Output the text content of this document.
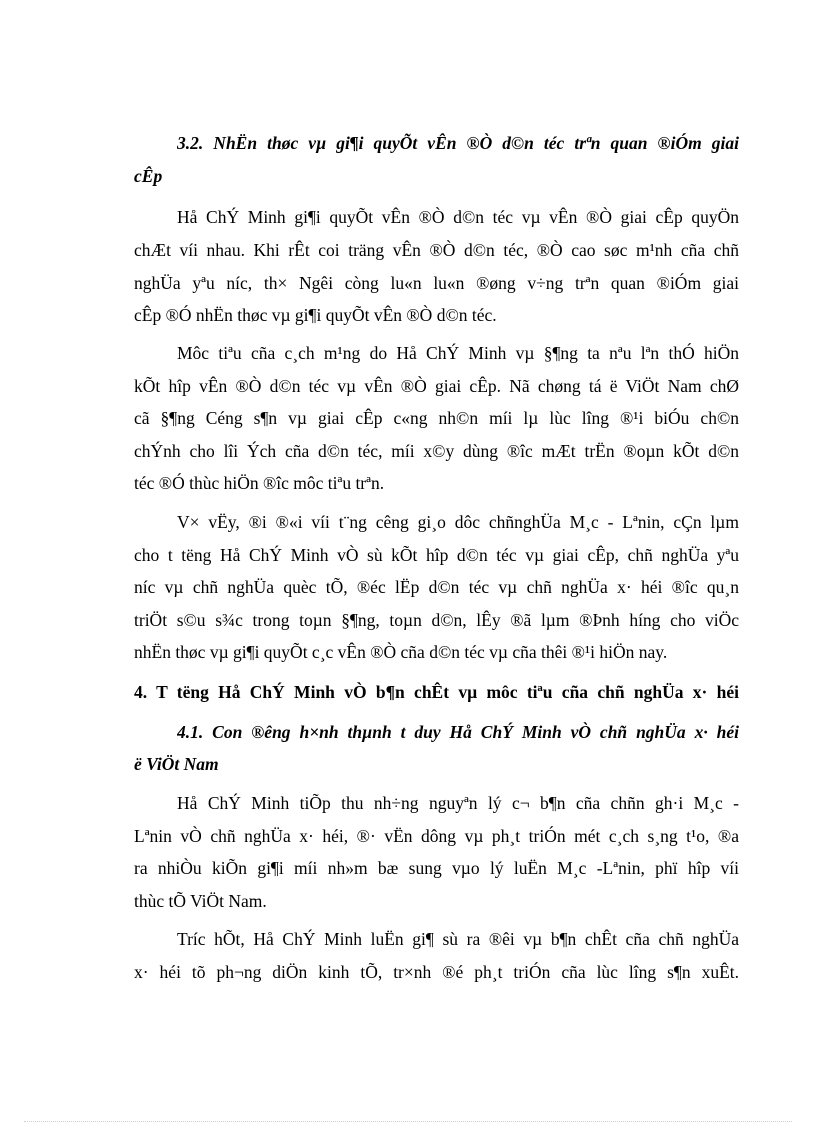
3.2. NhËn thøc vµ gi¶i quyÕt vÊn ®Ò d©n téc trªn quan ®iÓm giai
cÊp
Hå ChÝ Minh gi¶i quyÕt vÊn ®Ò d©n téc vµ vÊn ®Ò giai cÊp quyÖn
chÆt víi nhau. Khi rÊt coi träng vÊn ®Ò d©n téc, ®Ò cao søc m¹nh cña chñ
nghÜa yªu níc, th× Ngêi còng lu«n lu«n ®øng v÷ng trªn quan ®iÓm giai
cÊp ®Ó nhËn thøc vµ gi¶i quyÕt vÊn ®Ò d©n téc.
Môc tiªu cña c¸ch m¹ng do Hå ChÝ Minh vµ §¶ng ta nªu lªn thÓ hiÖn
kÕt hîp vÊn ®Ò d©n téc vµ vÊn ®Ò giai cÊp. Nã chøng tá ë ViÖt Nam chØ
cã §¶ng Céng s¶n vµ giai cÊp c«ng nh©n míi lµ lùc lîng ®¹i biÓu ch©n
chÝnh cho lîi Ých cña d©n téc, míi x©y dùng ®îc mÆt trËn ®oµn kÕt d©n
téc ®Ó thùc hiÖn ®îc môc tiªu trªn.
V× vËy, ®i ®«i víi t¨ng cêng gi¸o dôc chñnghÜa M¸c - Lªnin, cÇn lµm
cho t tëng Hå ChÝ Minh vÒ sù kÕt hîp d©n téc vµ giai cÊp, chñ nghÜa yªu
níc vµ chñ nghÜa quèc tÕ, ®éc lËp d©n téc vµ chñ nghÜa x· héi ®îc qu¸n
triÖt s©u s¾c trong toµn §¶ng, toµn d©n, lÊy ®ã lµm ®Þnh híng cho viÖc
nhËn thøc vµ gi¶i quyÕt c¸c vÊn ®Ò cña d©n téc vµ cña thêi ®¹i hiÖn nay.
4. T tëng Hå ChÝ Minh vÒ b¶n chÊt vµ môc tiªu cña chñ nghÜa x· héi
4.1. Con ®êng h×nh thµnh t duy Hå ChÝ Minh vÒ chñ nghÜa x· héi
ë ViÖt Nam
Hå ChÝ Minh tiÕp thu nh÷ng nguyªn lý c¬ b¶n cña chñn gh·i M¸c -
Lªnin vÒ chñ nghÜa x· héi, ®· vËn dông vµ ph¸t triÓn mét c¸ch s¸ng t¹o, ®a
ra nhiÒu kiÕn gi¶i míi nh»m bæ sung vµo lý luËn M¸c -Lªnin, phï hîp víi
thùc tÕ ViÖt Nam.
Tríc hÕt, Hå ChÝ Minh luËn gi¶ sù ra ®êi vµ b¶n chÊt cña chñ nghÜa
x· héi tõ ph¬ng diÖn kinh tÕ, tr×nh ®é ph¸t triÓn cña lùc lîng s¶n xuÊt.
